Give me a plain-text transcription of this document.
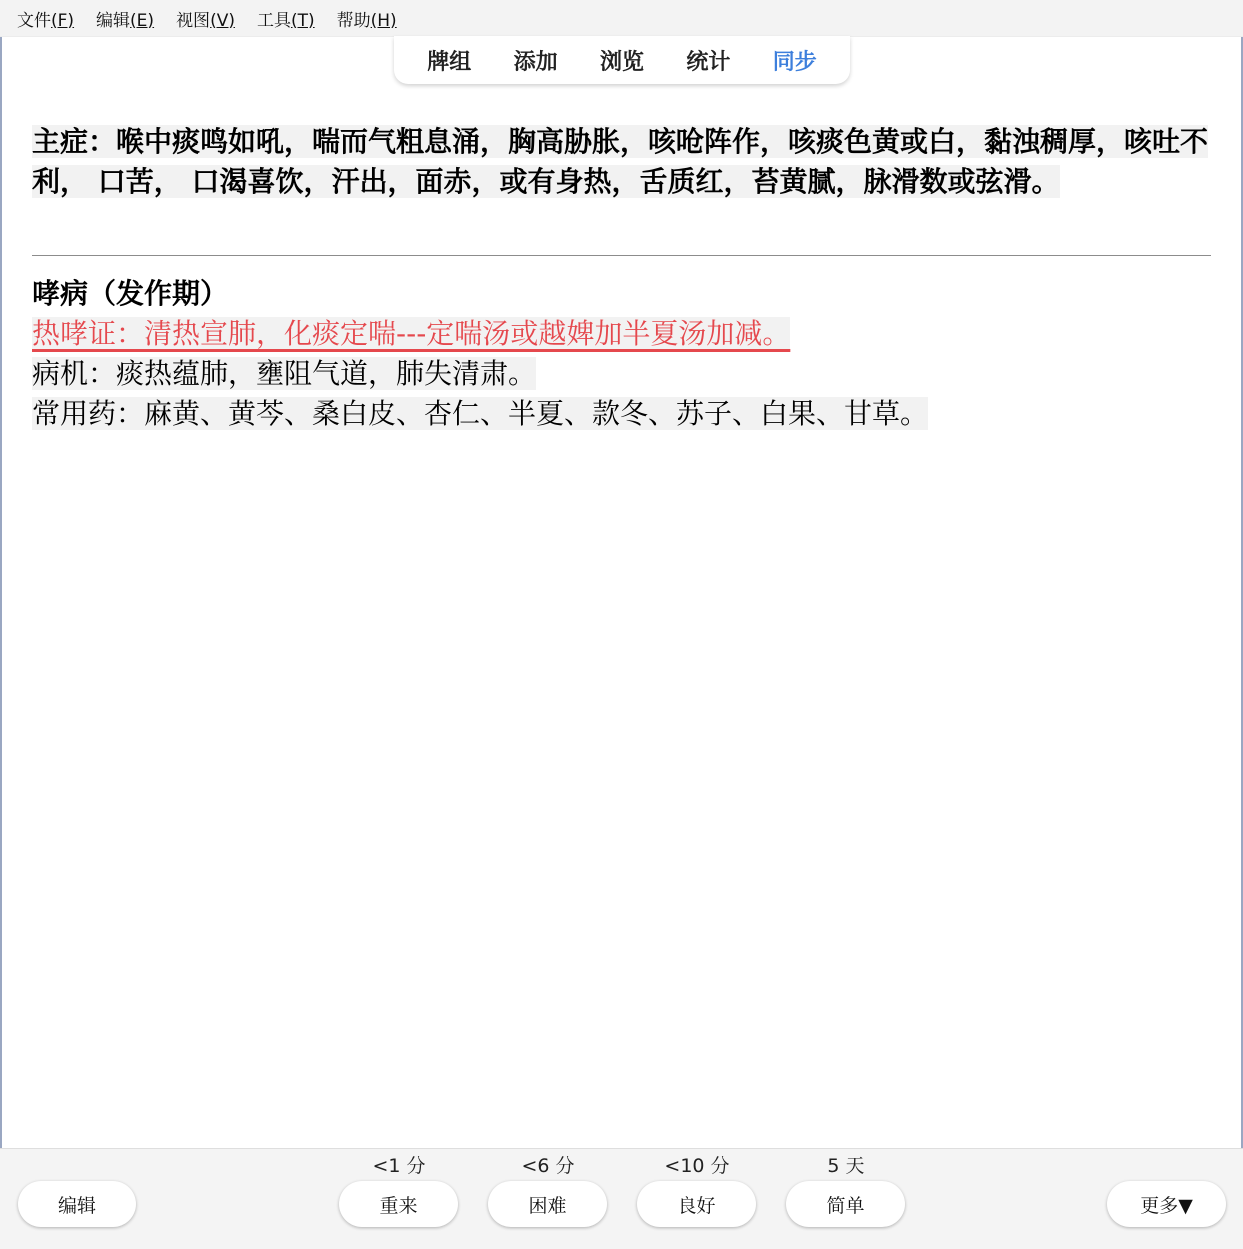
文件(F)	编辑(E)	视图(V)	工具(T)	帮助(H)
牌组 添加 浏览 统计 同步

主症：喉中痰鸣如吼，喘而气粗息涌，胸高胁胀，咳呛阵作，咳痰色黄或白，黏浊稠厚，咳吐不利， 口苦， 口渴喜饮，汗出，面赤，或有身热，舌质红，苔黄腻，脉滑数或弦滑。

哮病（发作期）
热哮证：清热宣肺，化痰定喘---定喘汤或越婢加半夏汤加减。
病机：痰热蕴肺，壅阻气道，肺失清肃。
常用药：麻黄、黄芩、桑白皮、杏仁、半夏、款冬、苏子、白果、甘草。
编辑
<1 分
重来
<6 分
困难
<10 分
良好
5 天
简单	更多▼
